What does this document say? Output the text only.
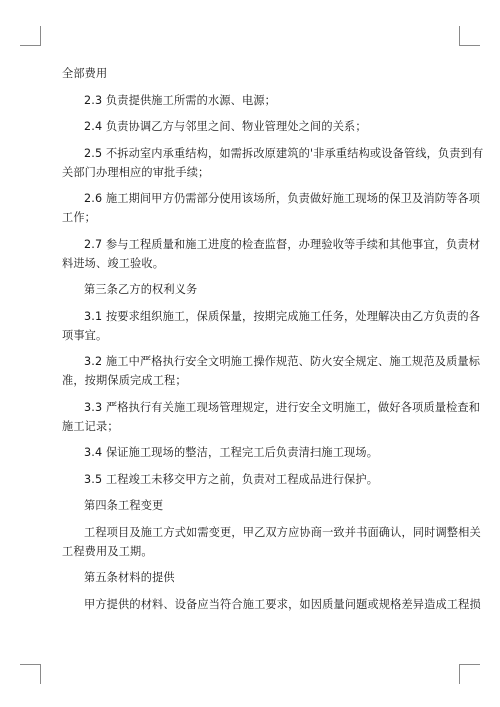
全部费用
2.3 负责提供施工所需的水源、电源；
2.4 负责协调乙方与邻里之间、物业管理处之间的关系；
2.5 不拆动室内承重结构，如需拆改原建筑的'非承重结构或设备管线，负责到有
关部门办理相应的审批手续；
2.6 施工期间甲方仍需部分使用该场所，负责做好施工现场的保卫及消防等各项
工作；
2.7 参与工程质量和施工进度的检查监督，办理验收等手续和其他事宜，负责材
料进场、竣工验收。
第三条乙方的权利义务
3.1 按要求组织施工，保质保量，按期完成施工任务，处理解决由乙方负责的各
项事宜。
3.2 施工中严格执行安全文明施工操作规范、防火安全规定、施工规范及质量标
准，按期保质完成工程；
3.3 严格执行有关施工现场管理规定，进行安全文明施工，做好各项质量检查和
施工记录；
3.4 保证施工现场的整洁，工程完工后负责清扫施工现场。
3.5 工程竣工未移交甲方之前，负责对工程成品进行保护。
第四条工程变更
工程项目及施工方式如需变更，甲乙双方应协商一致并书面确认，同时调整相关
工程费用及工期。
第五条材料的提供
甲方提供的材料、设备应当符合施工要求，如因质量问题或规格差异造成工程损
